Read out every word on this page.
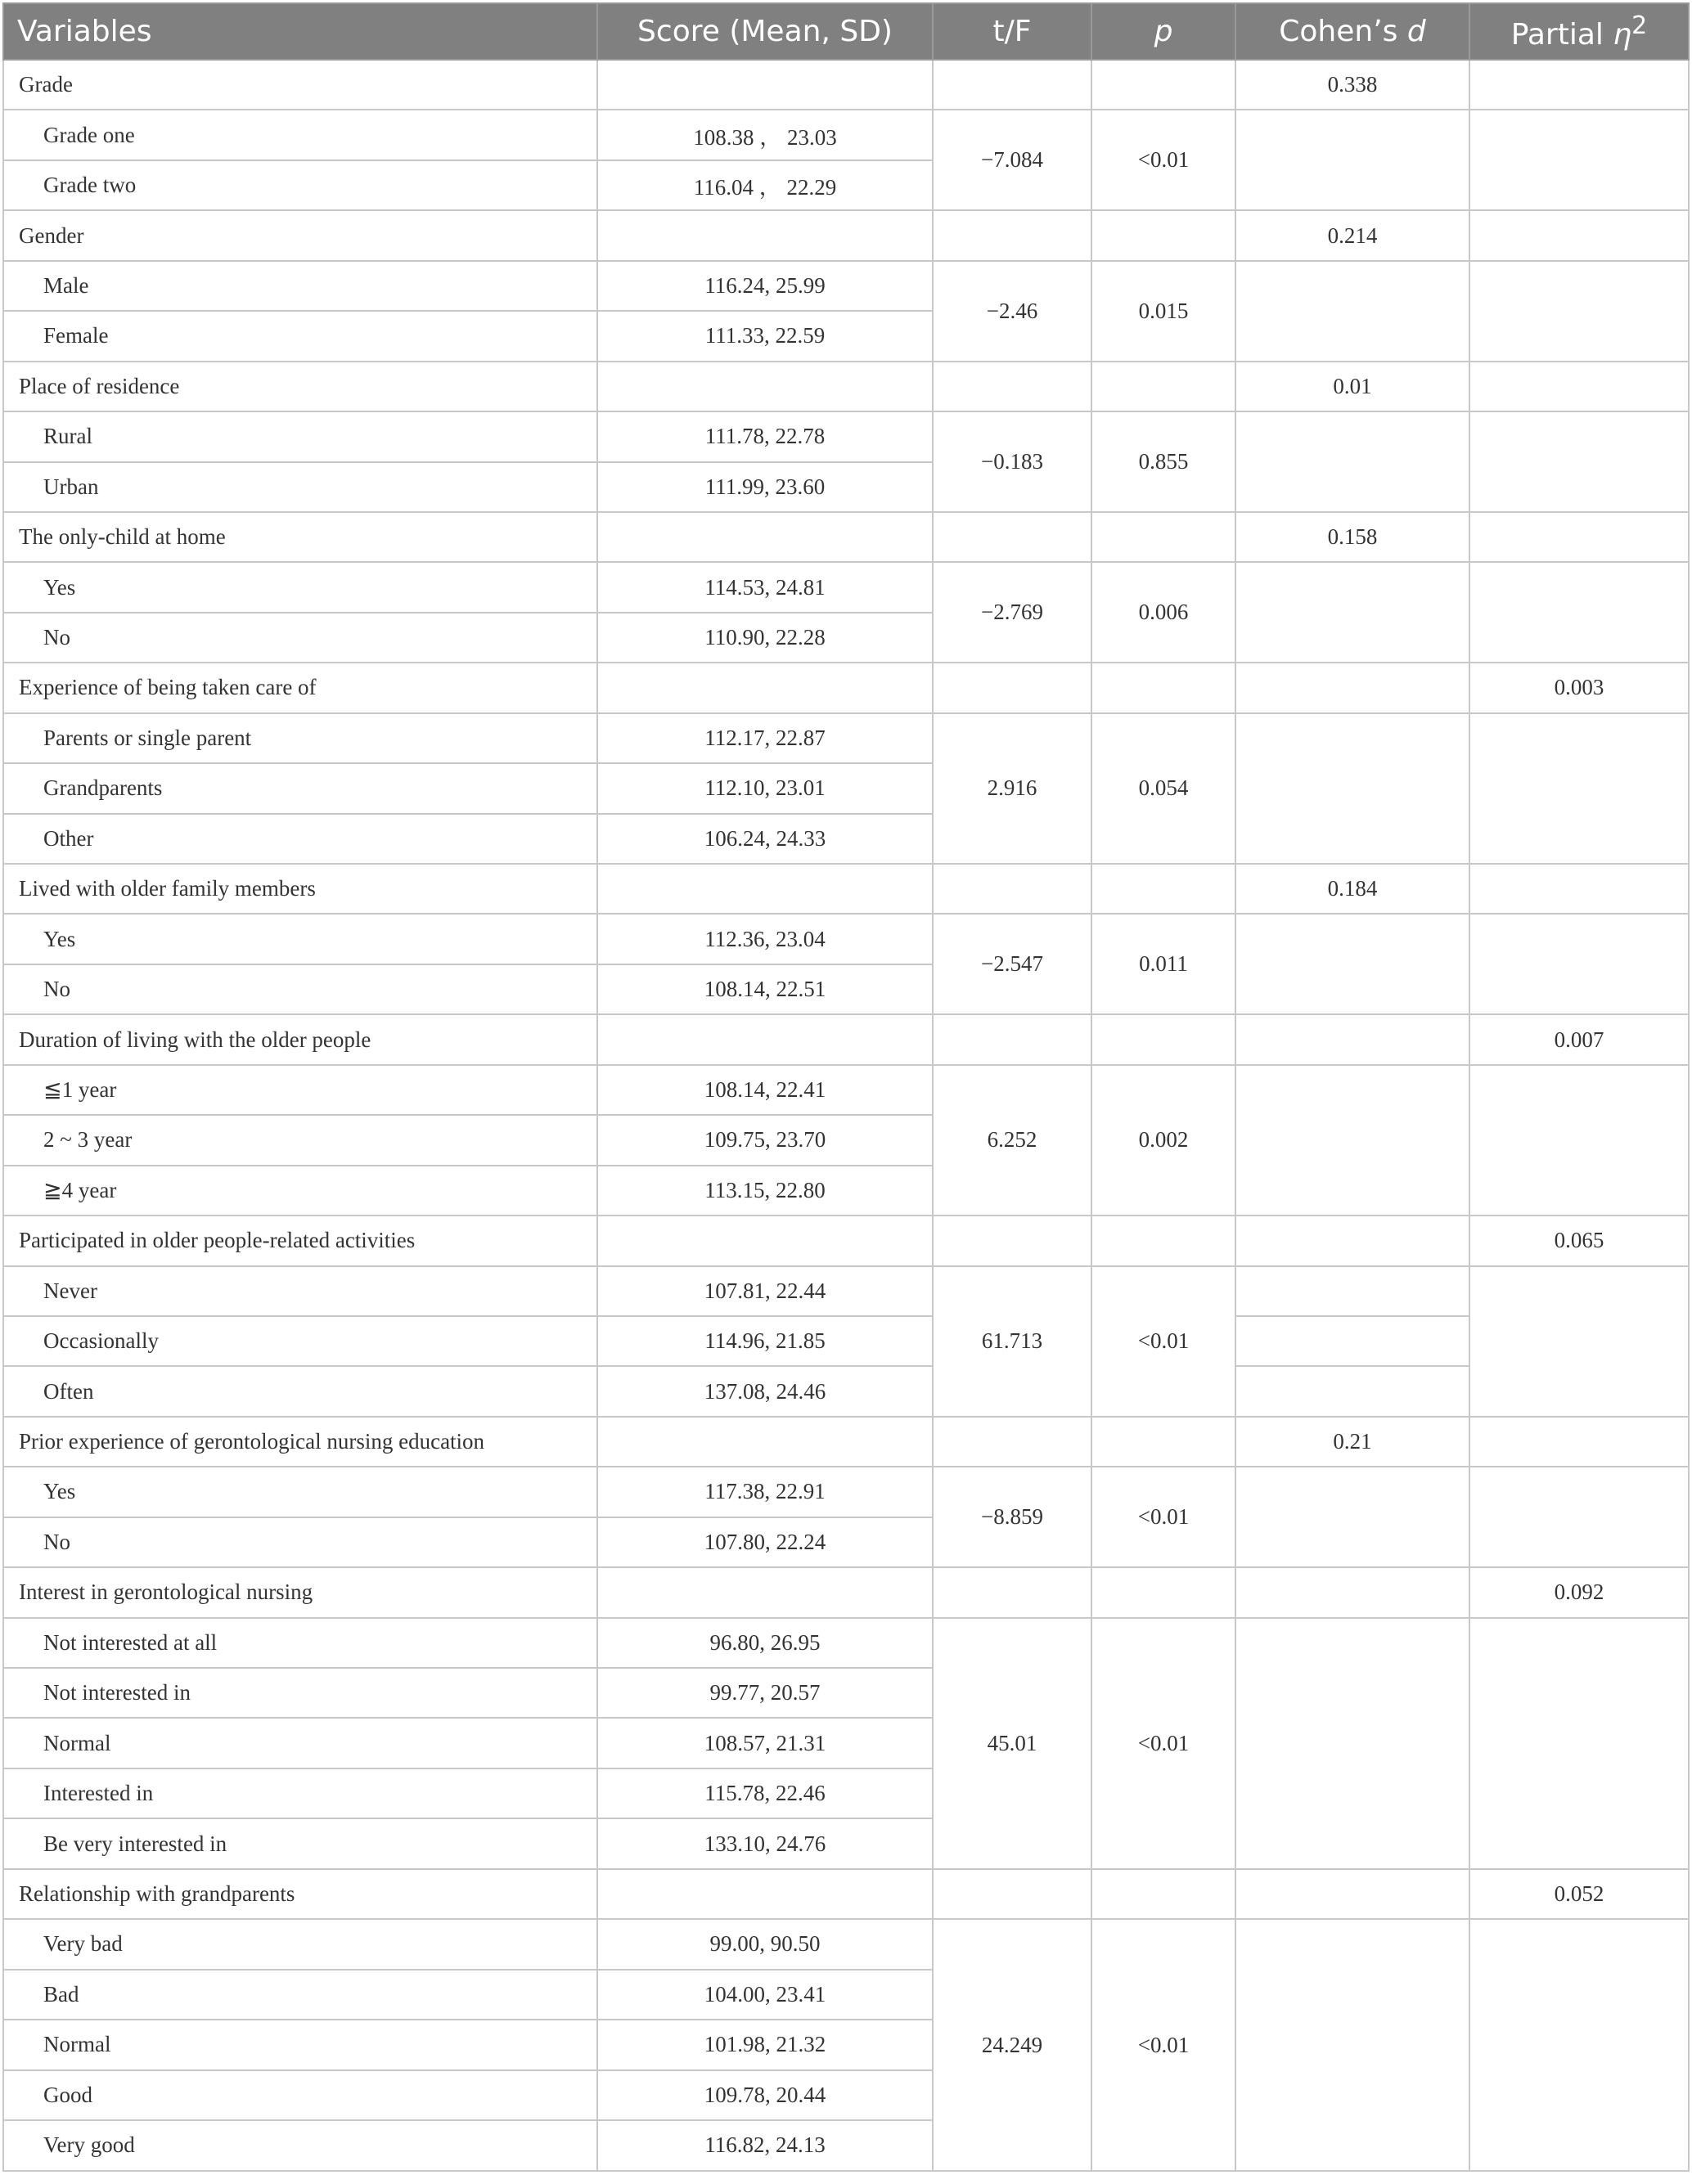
Variables	Score (Mean, SD)	t/F	p	Cohen’s d	Partial $\eta^2$
Grade				0.338	
Grade one	108.38 ， 23.03	−7.084	<0.01		
Grade two	116.04 ， 22.29				
Gender				0.214	
Male	116.24, 25.99	−2.46	0.015		
Female	111.33, 22.59				
Place of residence				0.01	
Rural	111.78, 22.78	−0.183	0.855		
Urban	111.99, 23.60				
The only-child at home				0.158	
Yes	114.53, 24.81	−2.769	0.006		
No	110.90, 22.28				
Experience of being taken care of					0.003
Parents or single parent	112.17, 22.87	2.916	0.054		
Grandparents	112.10, 23.01				
Other	106.24, 24.33				
Lived with older family members				0.184	
Yes	112.36, 23.04	−2.547	0.011		
No	108.14, 22.51				
Duration of living with the older people					0.007
≦1 year	108.14, 22.41	6.252	0.002		
2 ~ 3 year	109.75, 23.70				
≧4 year	113.15, 22.80				
Participated in older people-related activities					0.065
Never	107.81, 22.44	61.713	<0.01		
Occasionally	114.96, 21.85				
Often	137.08, 24.46				
Prior experience of gerontological nursing education				0.21	
Yes	117.38, 22.91	−8.859	<0.01		
No	107.80, 22.24				
Interest in gerontological nursing					0.092
Not interested at all	96.80, 26.95	45.01	<0.01		
Not interested in	99.77, 20.57				
Normal	108.57, 21.31				
Interested in	115.78, 22.46				
Be very interested in	133.10, 24.76				
Relationship with grandparents					0.052
Very bad	99.00, 90.50	24.249	<0.01		
Bad	104.00, 23.41				
Normal	101.98, 21.32				
Good	109.78, 20.44				
Very good	116.82, 24.13				
